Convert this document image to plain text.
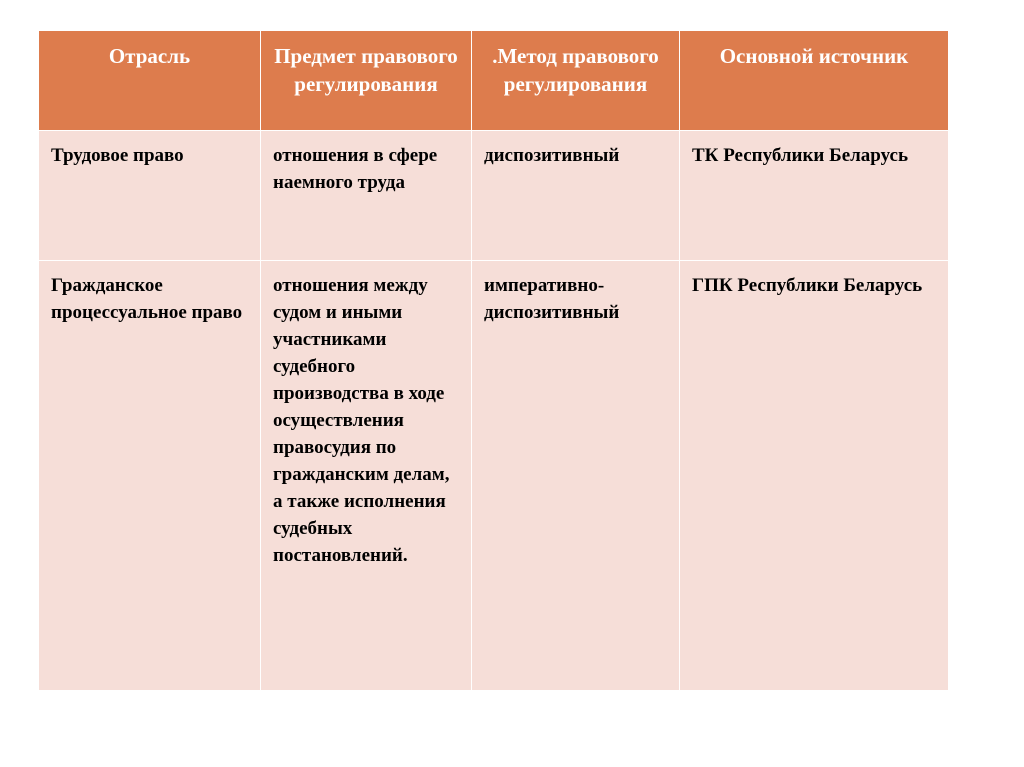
Отрасль	Предмет правового регулирования	.Метод правового регулирования	Основной источник

Трудовое право	отношения в сфере наемного труда	диспозитивный	ТК Республики Беларусь

Гражданское процессуальное право	отношения между судом и иными участниками судебного производства в ходе осуществления правосудия по гражданским делам, а также исполнения судебных постановлений.	императивно-диспозитивный	ГПК Республики Беларусь
